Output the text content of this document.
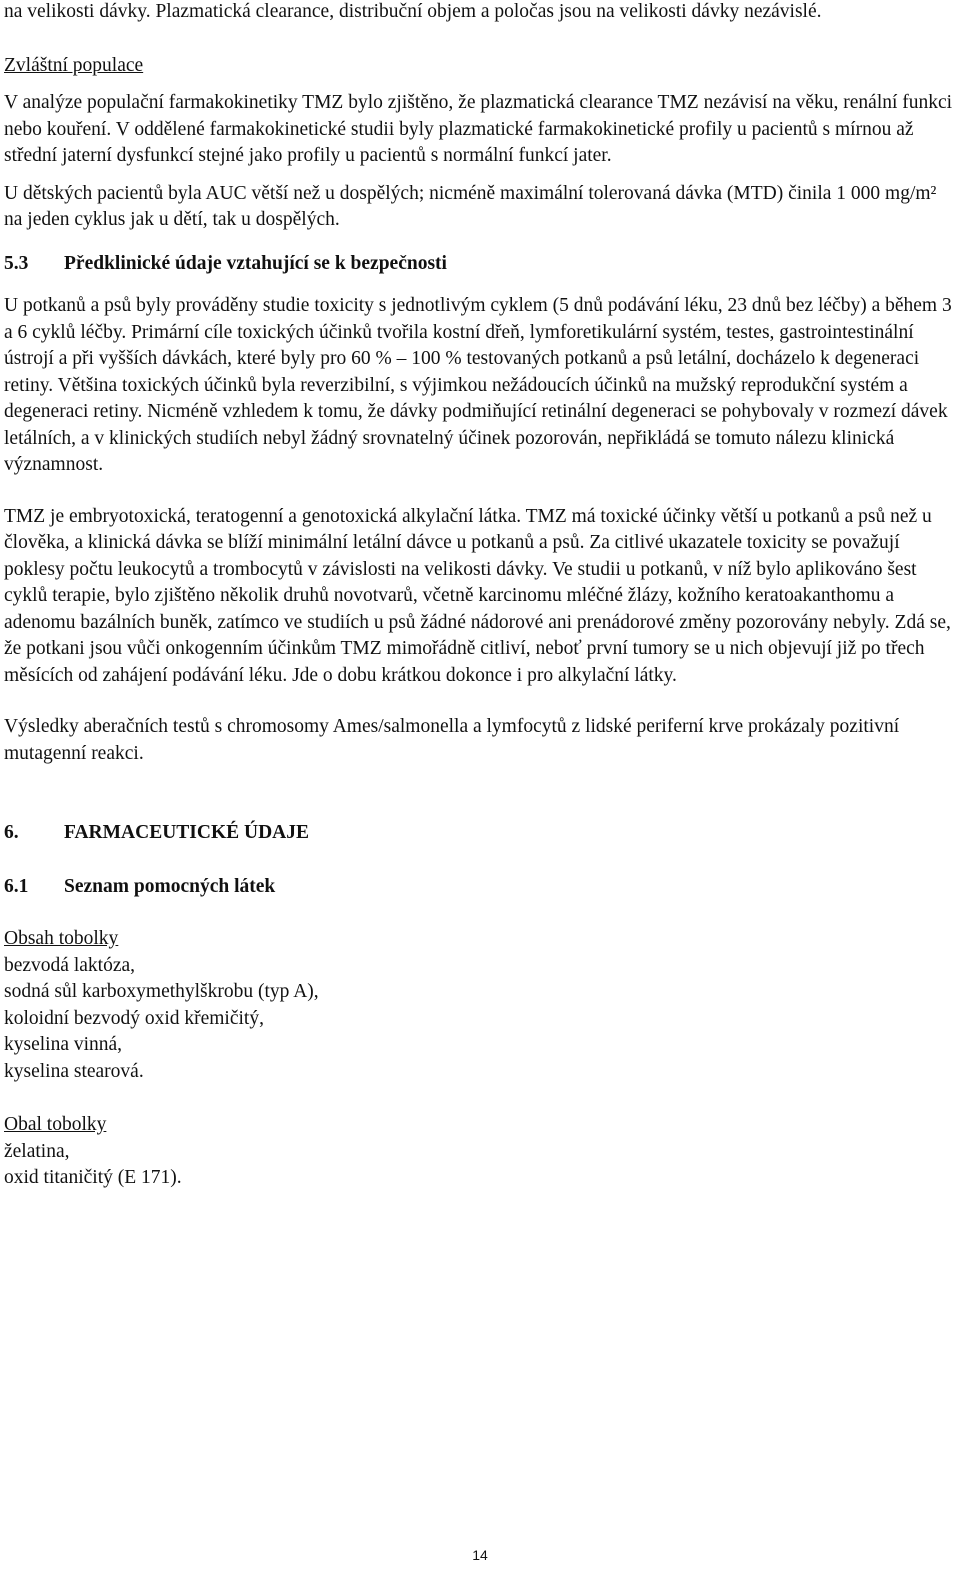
na velikosti dávky. Plazmatická clearance, distribuční objem a poločas jsou na velikosti dávky nezávislé.

Zvláštní populace

V analýze populační farmakokinetiky TMZ bylo zjištěno, že plazmatická clearance TMZ nezávisí na věku, renální funkci nebo kouření. V oddělené farmakokinetické studii byly plazmatické farmakokinetické profily u pacientů s mírnou až střední jaterní dysfunkcí stejné jako profily u pacientů s normální funkcí jater.

U dětských pacientů byla AUC větší než u dospělých; nicméně maximální tolerovaná dávka (MTD) činila 1 000 mg/m² na jeden cyklus jak u dětí, tak u dospělých.

5.3 Předklinické údaje vztahující se k bezpečnosti

U potkanů a psů byly prováděny studie toxicity s jednotlivým cyklem (5 dnů podávání léku, 23 dnů bez léčby) a během 3 a 6 cyklů léčby. Primární cíle toxických účinků tvořila kostní dřeň, lymforetikulární systém, testes, gastrointestinální ústrojí a při vyšších dávkách, které byly pro 60 % – 100 % testovaných potkanů a psů letální, docházelo k degeneraci retiny. Většina toxických účinků byla reverzibilní, s výjimkou nežádoucích účinků na mužský reprodukční systém a degeneraci retiny. Nicméně vzhledem k tomu, že dávky podmiňující retinální degeneraci se pohybovaly v rozmezí dávek letálních, a v klinických studiích nebyl žádný srovnatelný účinek pozorován, nepřikládá se tomuto nálezu klinická významnost.

TMZ je embryotoxická, teratogenní a genotoxická alkylační látka. TMZ má toxické účinky větší u potkanů a psů než u člověka, a klinická dávka se blíží minimální letální dávce u potkanů a psů. Za citlivé ukazatele toxicity se považují poklesy počtu leukocytů a trombocytů v závislosti na velikosti dávky. Ve studii u potkanů, v níž bylo aplikováno šest cyklů terapie, bylo zjištěno několik druhů novotvarů, včetně karcinomu mléčné žlázy, kožního keratoakanthomu a adenomu bazálních buněk, zatímco ve studiích u psů žádné nádorové ani prenádorové změny pozorovány nebyly. Zdá se, že potkani jsou vůči onkogenním účinkům TMZ mimořádně citliví, neboť první tumory se u nich objevují již po třech měsících od zahájení podávání léku. Jde o dobu krátkou dokonce i pro alkylační látky.

Výsledky aberačních testů s chromosomy Ames/salmonella a lymfocytů z lidské periferní krve prokázaly pozitivní mutagenní reakci.

6. FARMACEUTICKÉ ÚDAJE

6.1 Seznam pomocných látek

Obsah tobolky
bezvodá laktóza,
sodná sůl karboxymethylškrobu (typ A),
koloidní bezvodý oxid křemičitý,
kyselina vinná,
kyselina stearová.
Obal tobolky
želatina,
oxid titaničitý (E 171).
14
